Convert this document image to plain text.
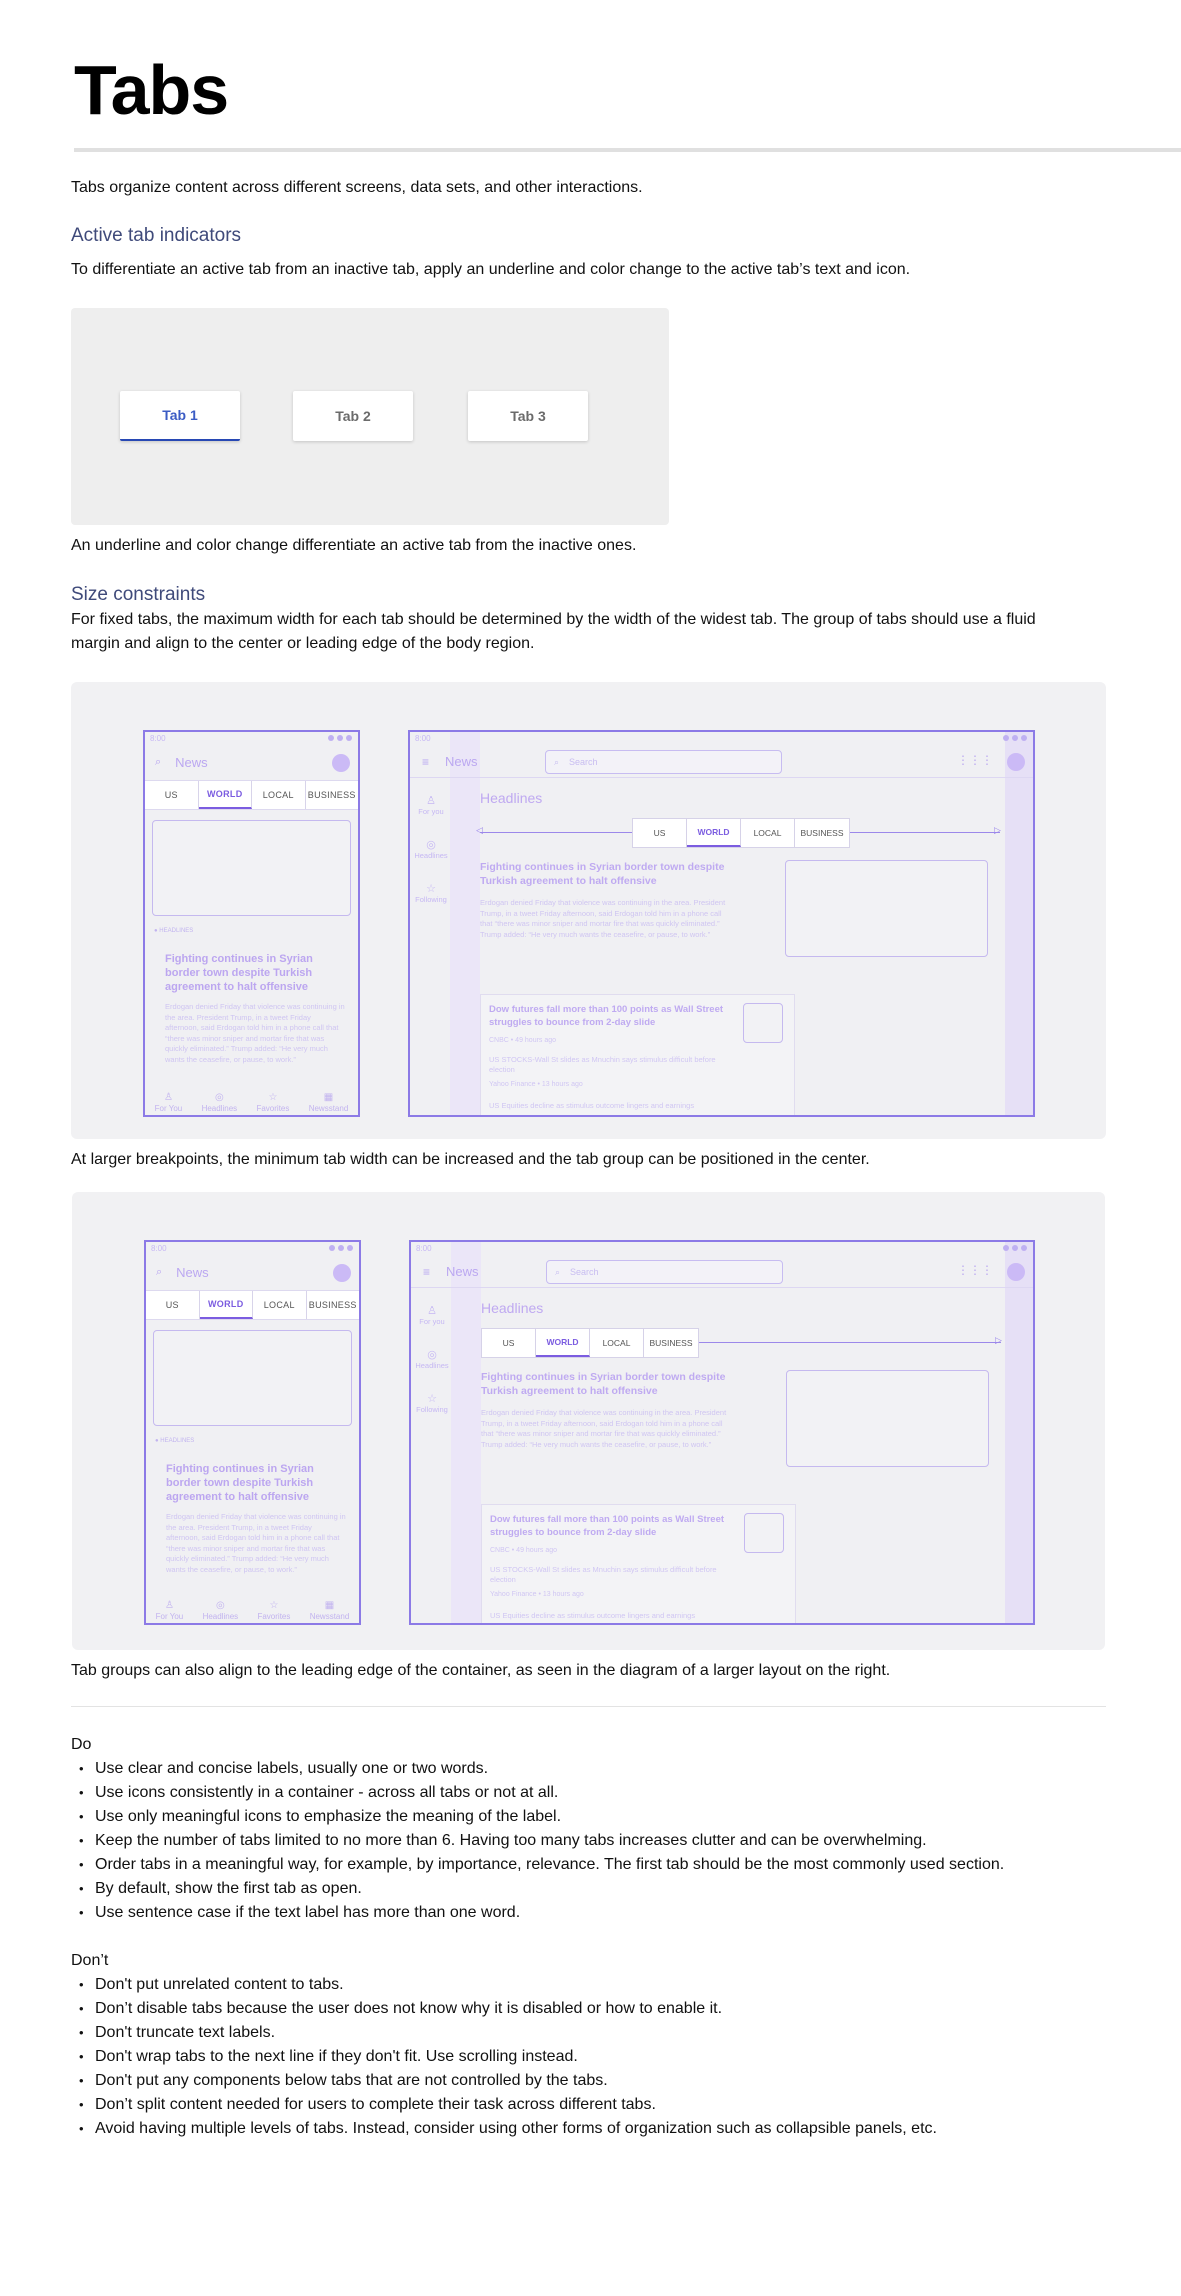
Tabs
Tabs organize content across different screens, data sets, and other interactions.
Active tab indicators
To differentiate an active tab from an inactive tab, apply an underline and color change to the active tab’s text and icon.
Tab 1	Tab 2	Tab 3
An underline and color change differentiate an active tab from the inactive ones.
Size constraints
For fixed tabs, the maximum width for each tab should be determined by the width of the widest tab. The group of tabs should use a fluid margin and align to the center or leading edge of the body region.
8:00
⌕ News
US	WORLD	LOCAL	BUSINESS
● HEADLINES
Fighting continues in Syrian border town despite Turkish agreement to halt offensive
Erdogan denied Friday that violence was continuing in the area. President Trump, in a tweet Friday afternoon, said Erdogan told him in a phone call that “there was minor sniper and mortar fire that was quickly eliminated.” Trump added: “He very much wants the ceasefire, or pause, to work.”
♙
For You
◎
Headlines
☆
Favorites
▦
Newsstand
8:00
≡ News	⌕ Search	⋮⋮⋮
♙
For you
◎
Headlines
☆
Following
Headlines
◁	▷
US	WORLD	LOCAL	BUSINESS
Fighting continues in Syrian border town despite Turkish agreement to halt offensive
Erdogan denied Friday that violence was continuing in the area. President Trump, in a tweet Friday afternoon, said Erdogan told him in a phone call that “there was minor sniper and mortar fire that was quickly eliminated.” Trump added: “He very much wants the ceasefire, or pause, to work.”
Dow futures fall more than 100 points as Wall Street struggles to bounce from 2-day slide
CNBC • 49 hours ago
US STOCKS-Wall St slides as Mnuchin says stimulus difficult before election
Yahoo Finance • 13 hours ago
US Equities decline as stimulus outcome lingers and earnings
At larger breakpoints, the minimum tab width can be increased and the tab group can be positioned in the center.
8:00
⌕ News
US	WORLD	LOCAL	BUSINESS
● HEADLINES
Fighting continues in Syrian border town despite Turkish agreement to halt offensive
Erdogan denied Friday that violence was continuing in the area. President Trump, in a tweet Friday afternoon, said Erdogan told him in a phone call that “there was minor sniper and mortar fire that was quickly eliminated.” Trump added: “He very much wants the ceasefire, or pause, to work.”
♙
For You
◎
Headlines
☆
Favorites
▦
Newsstand
8:00
≡ News	⌕ Search	⋮⋮⋮
♙
For you
◎
Headlines
☆
Following
Headlines
▷
US	WORLD	LOCAL	BUSINESS
Fighting continues in Syrian border town despite Turkish agreement to halt offensive
Erdogan denied Friday that violence was continuing in the area. President Trump, in a tweet Friday afternoon, said Erdogan told him in a phone call that “there was minor sniper and mortar fire that was quickly eliminated.” Trump added: “He very much wants the ceasefire, or pause, to work.”
Dow futures fall more than 100 points as Wall Street struggles to bounce from 2-day slide
CNBC • 49 hours ago
US STOCKS-Wall St slides as Mnuchin says stimulus difficult before election
Yahoo Finance • 13 hours ago
US Equities decline as stimulus outcome lingers and earnings
Tab groups can also align to the leading edge of the container, as seen in the diagram of a larger layout on the right.
Do
• Use clear and concise labels, usually one or two words.
• Use icons consistently in a container - across all tabs or not at all.
• Use only meaningful icons to emphasize the meaning of the label.
• Keep the number of tabs limited to no more than 6. Having too many tabs increases clutter and can be overwhelming.
• Order tabs in a meaningful way, for example, by importance, relevance. The first tab should be the most commonly used section.
• By default, show the first tab as open.
• Use sentence case if the text label has more than one word.
Don’t
• Don't put unrelated content to tabs.
• Don’t disable tabs because the user does not know why it is disabled or how to enable it.
• Don't truncate text labels.
• Don't wrap tabs to the next line if they don't fit. Use scrolling instead.
• Don't put any components below tabs that are not controlled by the tabs.
• Don’t split content needed for users to complete their task across different tabs.
• Avoid having multiple levels of tabs. Instead, consider using other forms of organization such as collapsible panels, etc.
